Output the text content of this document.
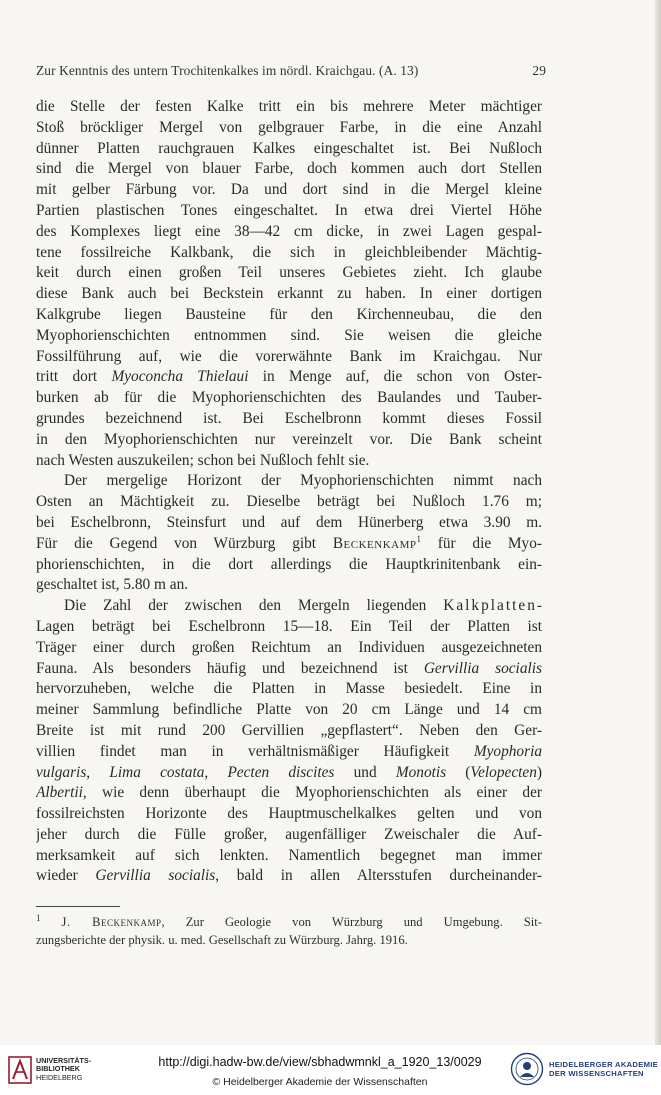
Zur Kenntnis des untern Trochitenkalkes im nördl. Kraichgau. (A. 13)	29
die Stelle der festen Kalke tritt ein bis mehrere Meter mächtiger
Stoß bröckliger Mergel von gelbgrauer Farbe, in die eine Anzahl
dünner Platten rauchgrauen Kalkes eingeschaltet ist. Bei Nußloch
sind die Mergel von blauer Farbe, doch kommen auch dort Stellen
mit gelber Färbung vor. Da und dort sind in die Mergel kleine
Partien plastischen Tones eingeschaltet. In etwa drei Viertel Höhe
des Komplexes liegt eine 38—42 cm dicke, in zwei Lagen gespal-
tene fossilreiche Kalkbank, die sich in gleichbleibender Mächtig-
keit durch einen großen Teil unseres Gebietes zieht. Ich glaube
diese Bank auch bei Beckstein erkannt zu haben. In einer dortigen
Kalkgrube liegen Bausteine für den Kirchenneubau, die den
Myophorienschichten entnommen sind. Sie weisen die gleiche
Fossilführung auf, wie die vorerwähnte Bank im Kraichgau. Nur
tritt dort Myoconcha Thielaui in Menge auf, die schon von Oster-
burken ab für die Myophorienschichten des Baulandes und Tauber-
grundes bezeichnend ist. Bei Eschelbronn kommt dieses Fossil
in den Myophorienschichten nur vereinzelt vor. Die Bank scheint
nach Westen auszukeilen; schon bei Nußloch fehlt sie.
Der mergelige Horizont der Myophorienschichten nimmt nach
Osten an Mächtigkeit zu. Dieselbe beträgt bei Nußloch 1.76 m;
bei Eschelbronn, Steinsfurt und auf dem Hünerberg etwa 3.90 m.
Für die Gegend von Würzburg gibt Beckenkamp$^1$ für die Myo-
phorienschichten, in die dort allerdings die Hauptkrinitenbank ein-
geschaltet ist, 5.80 m an.
Die Zahl der zwischen den Mergeln liegenden Kalkplatten-
Lagen beträgt bei Eschelbronn 15—18. Ein Teil der Platten ist
Träger einer durch großen Reichtum an Individuen ausgezeichneten
Fauna. Als besonders häufig und bezeichnend ist Gervillia socialis
hervorzuheben, welche die Platten in Masse besiedelt. Eine in
meiner Sammlung befindliche Platte von 20 cm Länge und 14 cm
Breite ist mit rund 200 Gervillien „gepflastert“. Neben den Ger-
villien findet man in verhältnismäßiger Häufigkeit Myophoria
vulgaris, Lima costata, Pecten discites und Monotis (Velopecten)
Albertii, wie denn überhaupt die Myophorienschichten als einer der
fossilreichsten Horizonte des Hauptmuschelkalkes gelten und von
jeher durch die Fülle großer, augenfälliger Zweischaler die Auf-
merksamkeit auf sich lenkten. Namentlich begegnet man immer
wieder Gervillia socialis, bald in allen Altersstufen durcheinander-
$^1$ J. Beckenkamp, Zur Geologie von Würzburg und Umgebung. Sit-
zungsberichte der physik. u. med. Gesellschaft zu Würzburg. Jahrg. 1916.
UNIVERSITÄTS-
BIBLIOTHEK
HEIDELBERG
http://digi.hadw-bw.de/view/sbhadwmnkl_a_1920_13/0029
© Heidelberger Akademie der Wissenschaften
HEIDELBERGER AKADEMIE
DER WISSENSCHAFTEN
